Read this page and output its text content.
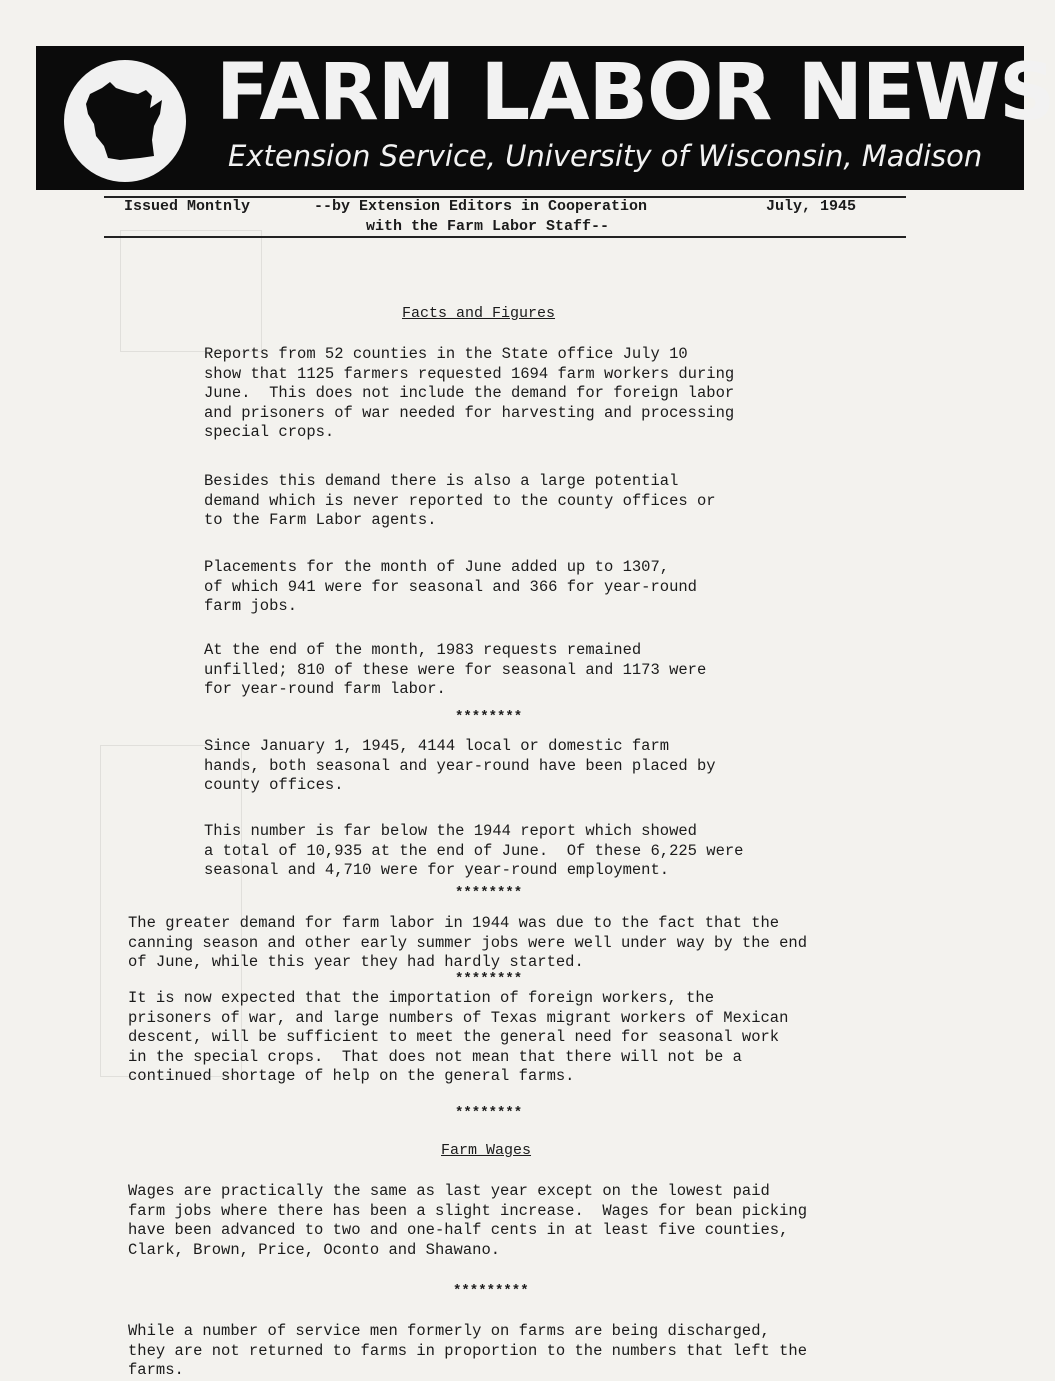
FARM LABOR NEWS
Extension Service, University of Wisconsin, Madison
Issued Montnly	--by Extension Editors in Cooperation	July, 1945
with the Farm Labor Staff--
Facts and Figures
Reports from 52 counties in the State office July 10
show that 1125 farmers requested 1694 farm workers during
June.  This does not include the demand for foreign labor
and prisoners of war needed for harvesting and processing
special crops.
Besides this demand there is also a large potential
demand which is never reported to the county offices or
to the Farm Labor agents.
Placements for the month of June added up to 1307,
of which 941 were for seasonal and 366 for year-round
farm jobs.
At the end of the month, 1983 requests remained
unfilled; 810 of these were for seasonal and 1173 were
for year-round farm labor.
********
Since January 1, 1945, 4144 local or domestic farm
hands, both seasonal and year-round have been placed by
county offices.
This number is far below the 1944 report which showed
a total of 10,935 at the end of June.  Of these 6,225 were
seasonal and 4,710 were for year-round employment.
********
The greater demand for farm labor in 1944 was due to the fact that the
canning season and other early summer jobs were well under way by the end
of June, while this year they had hardly started.
********
It is now expected that the importation of foreign workers, the
prisoners of war, and large numbers of Texas migrant workers of Mexican
descent, will be sufficient to meet the general need for seasonal work
in the special crops.  That does not mean that there will not be a
continued shortage of help on the general farms.
********
Farm Wages
Wages are practically the same as last year except on the lowest paid
farm jobs where there has been a slight increase.  Wages for bean picking
have been advanced to two and one-half cents in at least five counties,
Clark, Brown, Price, Oconto and Shawano.
*********
While a number of service men formerly on farms are being discharged,
they are not returned to farms in proportion to the numbers that left the
farms.
